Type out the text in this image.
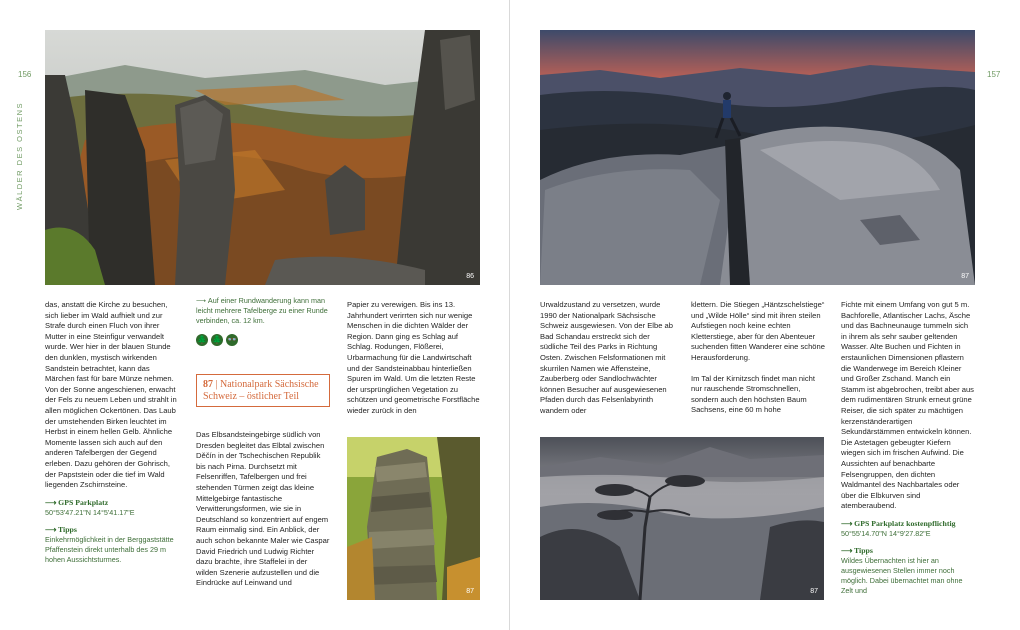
156	157
WÄLDER DES OSTENS
86	87

das, anstatt die Kirche zu besuchen, sich lieber im Wald aufhielt und zur Strafe durch einen Fluch von ihrer Mutter in eine Steinfigur verwandelt wurde. Wer hier in der blauen Stunde den dunklen, mystisch wirkenden Sandstein betrachtet, kann das Märchen fast für bare Münze nehmen. Von der Sonne angeschienen, erwacht der Fels zu neuem Leben und strahlt in allen möglichen Ockertönen. Das Laub der umstehenden Birken leuchtet im Herbst in einem hellen Gelb. Ähnliche Momente lassen sich auch auf den anderen Tafelbergen der Gegend erleben. Dazu gehören der Gohrisch, der Papststein oder die tief im Wald liegenden Zschirnsteine.

⟶ GPS Parkplatz
50°53'47.21"N 14°5'41.17"E
⟶ Tipps
Einkehrmöglichkeit in der Berggaststätte Pfaffenstein direkt unterhalb des 29 m hohen Aussichtsturmes.
⟶ Auf einer Rundwanderung kann man leicht mehrere Tafelberge zu einer Runde verbinden, ca. 12 km.
🌲 🌲 👓
87 | Nationalpark Sächsische Schweiz – östlicher Teil

Das Elbsandsteingebirge südlich von Dresden begleitet das Elbtal zwischen Děčín in der Tschechischen Republik bis nach Pirna. Durchsetzt mit Felsenriffen, Tafelbergen und frei stehenden Türmen zeigt das kleine Mittelgebirge fantastische Verwitterungsformen, wie sie in Deutschland so konzentriert auf engem Raum einmalig sind. Ein Anblick, der auch schon bekannte Maler wie Caspar David Friedrich und Ludwig Richter dazu brachte, ihre Staffelei in der wilden Szenerie aufzustellen und die Eindrücke auf Leinwand und

Papier zu verewigen. Bis ins 13. Jahrhundert verirrten sich nur wenige Menschen in die dichten Wälder der Region. Dann ging es Schlag auf Schlag. Rodungen, Flößerei, Urbarmachung für die Landwirtschaft und der Sandsteinabbau hinterließen Spuren im Wald. Um die letzten Reste der ursprünglichen Vegetation zu schützen und geometrische Forstfläche wieder zurück in den

87

Urwaldzustand zu versetzen, wurde 1990 der Nationalpark Sächsische Schweiz ausgewiesen. Von der Elbe ab Bad Schandau erstreckt sich der südliche Teil des Parks in Richtung Osten. Zwischen Felsformationen mit skurrilen Namen wie Affensteine, Zauberberg oder Sandlochwächter können Besucher auf ausgewiesenen Pfaden durch das Felsenlabyrinth wandern oder

klettern. Die Stiegen „Häntzschelstiege“ und „Wilde Hölle“ sind mit ihren steilen Aufstiegen noch keine echten Kletterstiege, aber für den Abenteuer suchenden fitten Wanderer eine schöne Herausforderung.

Im Tal der Kirnitzsch findet man nicht nur rauschende Stromschnellen, sondern auch den höchsten Baum Sachsens, eine 60 m hohe

87

Fichte mit einem Umfang von gut 5 m. Bachforelle, Atlantischer Lachs, Äsche und das Bachneunauge tummeln sich in ihrem als sehr sauber geltenden Wasser. Alte Buchen und Fichten in erstaunlichen Dimensionen pflastern die Wanderwege im Bereich Kleiner und Großer Zschand. Manch ein Stamm ist abgebrochen, treibt aber aus dem rudimentären Strunk erneut grüne Reiser, die sich später zu mächtigen kerzenständerartigen Sekundärstämmen entwickeln können. Die Astetagen gebeugter Kiefern wiegen sich im frischen Aufwind. Die Aussichten auf benachbarte Felsengruppen, den dichten Waldmantel des Nachbartales oder über die Elbkurven sind atemberaubend.

⟶ GPS Parkplatz kostenpflichtig
50°55'14.70"N 14°9'27.82"E
⟶ Tipps
Wildes Übernachten ist hier an ausgewiesenen Stellen immer noch möglich. Dabei übernachtet man ohne Zelt und
